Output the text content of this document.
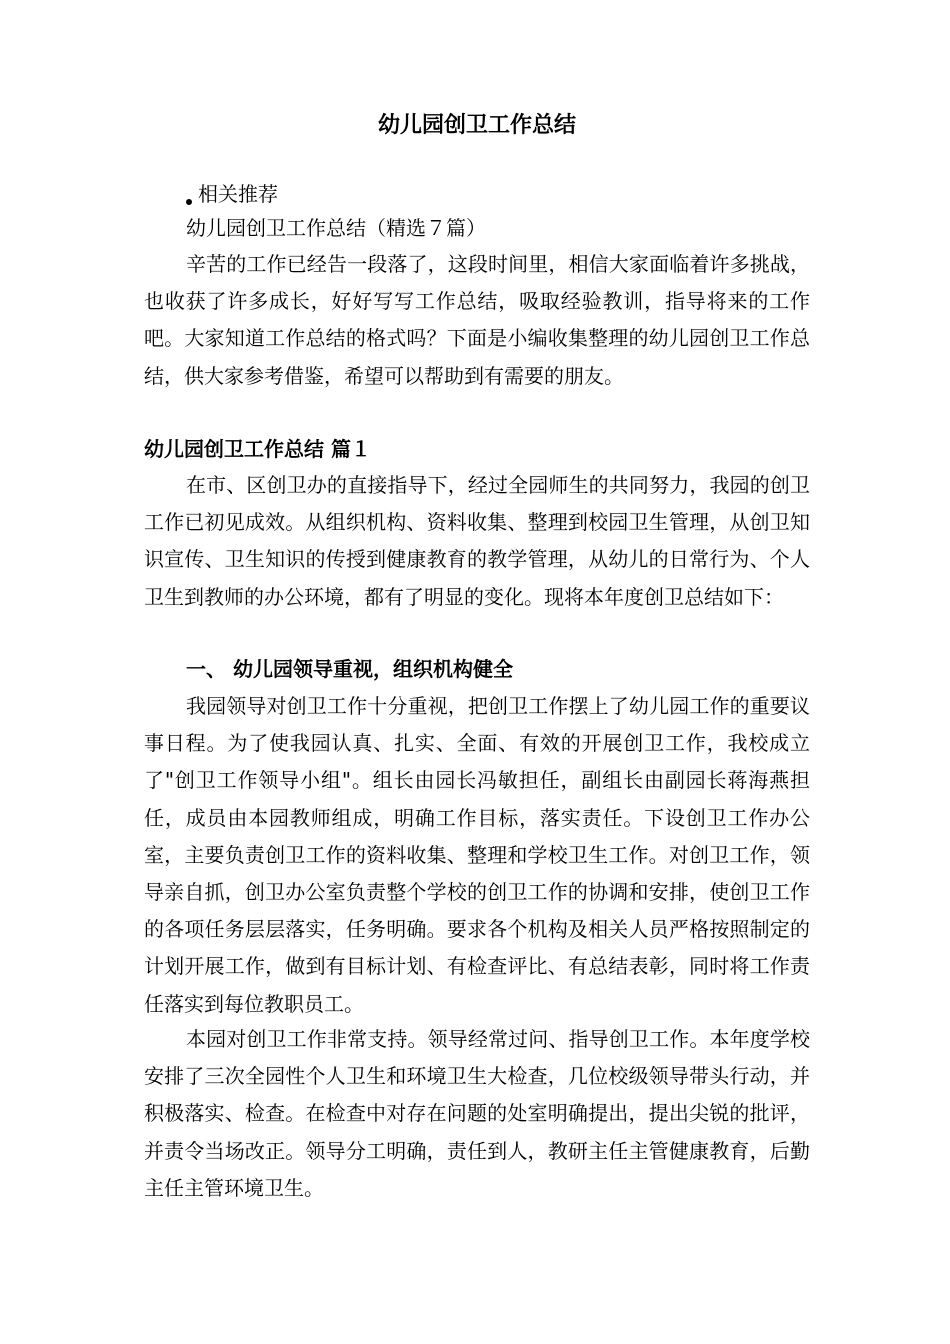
幼儿园创卫工作总结
相关推荐
幼儿园创卫工作总结（精选７篇）

辛苦的工作已经告一段落了，这段时间里，相信大家面临着许多挑战，也收获了许多成长，好好写写工作总结，吸取经验教训，指导将来的工作吧。大家知道工作总结的格式吗？下面是小编收集整理的幼儿园创卫工作总结，供大家参考借鉴，希望可以帮助到有需要的朋友。

幼儿园创卫工作总结 篇１

在市、区创卫办的直接指导下，经过全园师生的共同努力，我园的创卫工作已初见成效。从组织机构、资料收集、整理到校园卫生管理，从创卫知识宣传、卫生知识的传授到健康教育的教学管理，从幼儿的日常行为、个人卫生到教师的办公环境，都有了明显的变化。现将本年度创卫总结如下：

一、 幼儿园领导重视，组织机构健全

我园领导对创卫工作十分重视，把创卫工作摆上了幼儿园工作的重要议事日程。为了使我园认真、扎实、全面、有效的开展创卫工作，我校成立了"创卫工作领导小组"。组长由园长冯敏担任，副组长由副园长蒋海燕担任，成员由本园教师组成，明确工作目标，落实责任。下设创卫工作办公室，主要负责创卫工作的资料收集、整理和学校卫生工作。对创卫工作，领导亲自抓，创卫办公室负责整个学校的创卫工作的协调和安排，使创卫工作的各项任务层层落实，任务明确。要求各个机构及相关人员严格按照制定的计划开展工作，做到有目标计划、有检查评比、有总结表彰，同时将工作责任落实到每位教职员工。

本园对创卫工作非常支持。领导经常过问、指导创卫工作。本年度学校安排了三次全园性个人卫生和环境卫生大检查，几位校级领导带头行动，并积极落实、检查。在检查中对存在问题的处室明确提出，提出尖锐的批评，并责令当场改正。领导分工明确，责任到人，教研主任主管健康教育，后勤主任主管环境卫生。
